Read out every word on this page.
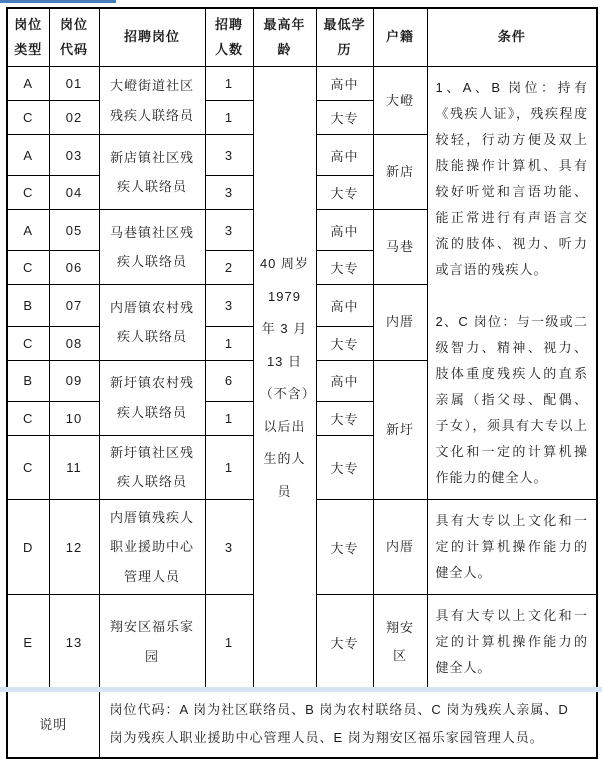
岗位类型	岗位代码	招聘岗位	招聘人数	最高年龄	最低学历	户籍	条件
A	01	大嶝街道社区残疾人联络员	1	40 周岁 1979 年 3 月 13 日（不含）以后出生的人员	高中	大嶝	1、A、B 岗位：持有《残疾人证》，残疾程度较轻，行动方便及双上肢能操作计算机、具有较好听觉和言语功能、能正常进行有声语言交流的肢体、视力、听力或言语的残疾人。

2、C 岗位：与一级或二级智力、精神、视力、肢体重度残疾人的直系亲属（指父母、配偶、子女），须具有大专以上文化和一定的计算机操作能力的健全人。

C	02		1		大专		
A	03	新店镇社区残疾人联络员	3		高中	新店	
C	04		3		大专		
A	05	马巷镇社区残疾人联络员	3		高中	马巷	
C	06		2		大专		
B	07	内厝镇农村残疾人联络员	3		高中	内厝	
C	08		1		大专		
B	09	新圩镇农村残疾人联络员	6		高中	新圩	
C	10		1		大专		
C	11	新圩镇社区残疾人联络员	1		大专		
D	12	内厝镇残疾人职业援助中心管理人员	3		大专	内厝	具有大专以上文化和一定的计算机操作能力的健全人。
E	13	翔安区福乐家园	1		大专	翔安区	具有大专以上文化和一定的计算机操作能力的健全人。
说明		岗位代码：A 岗为社区联络员、B 岗为农村联络员、C 岗为残疾人亲属、D 岗为残疾人职业援助中心管理人员、E 岗为翔安区福乐家园管理人员。					
